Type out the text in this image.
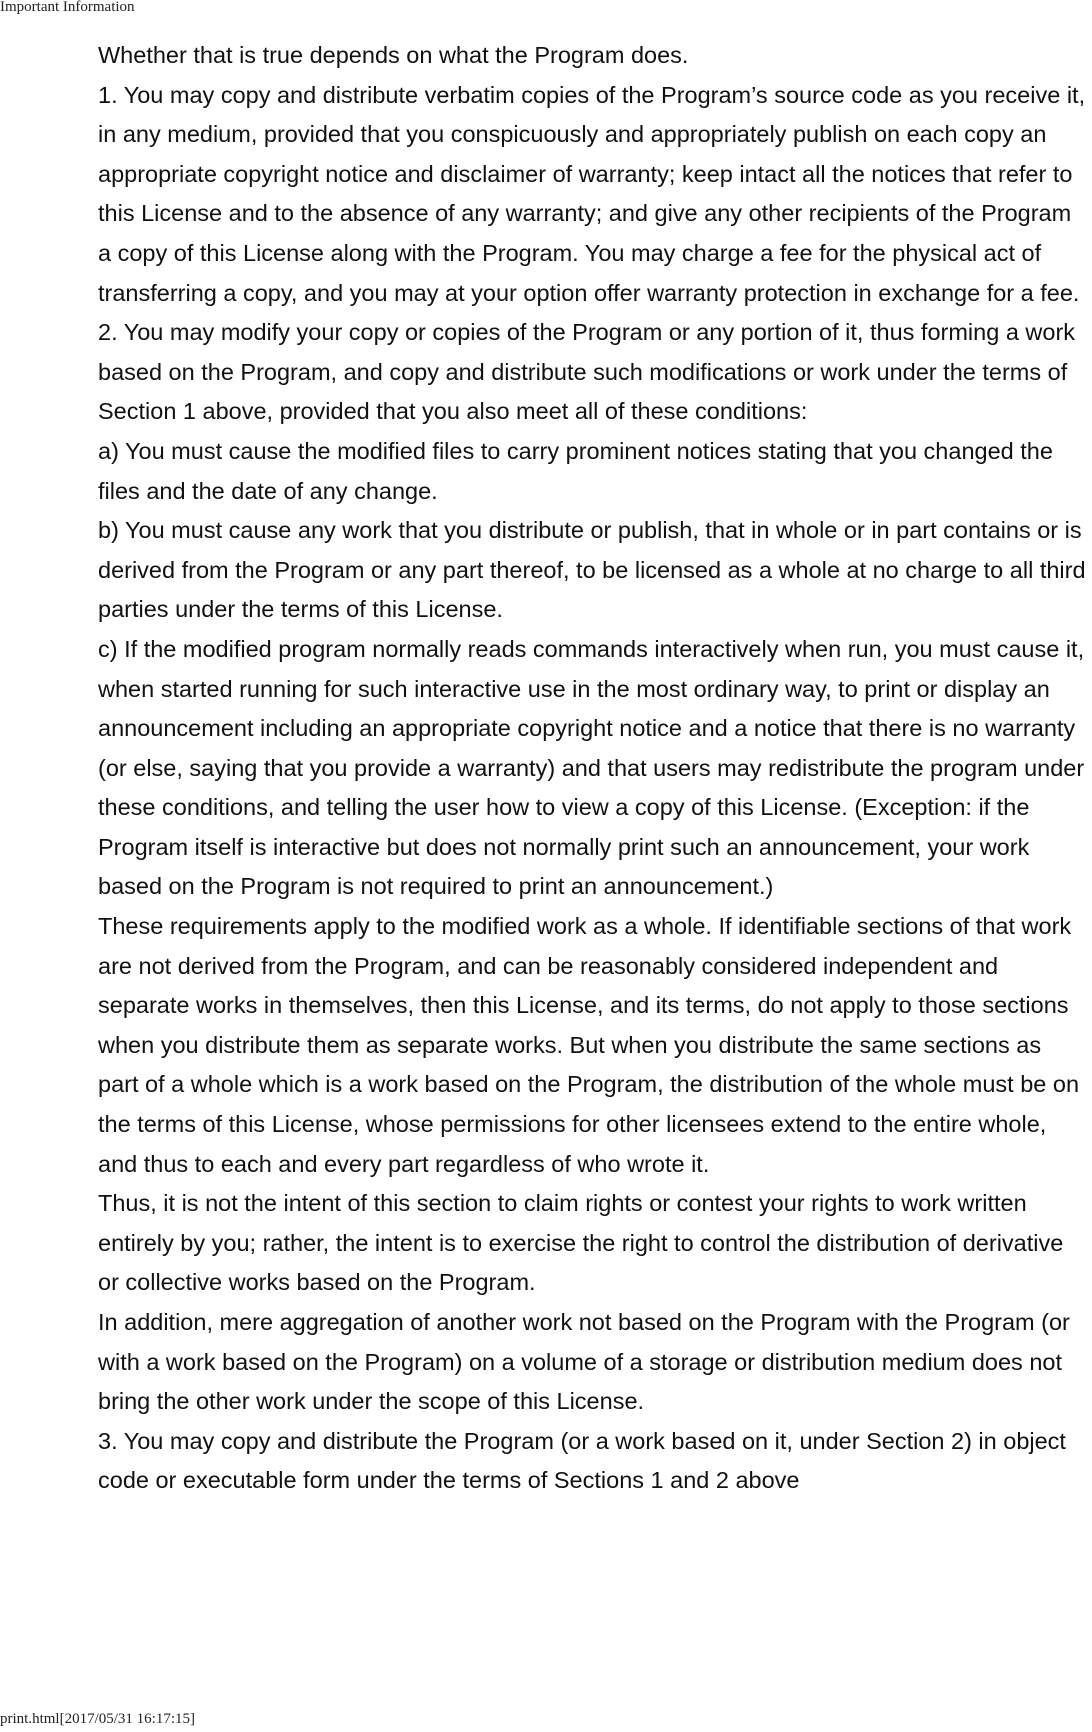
Important Information

Whether that is true depends on what the Program does.

1. You may copy and distribute verbatim copies of the Program’s source code as you receive it, in any medium, provided that you conspicuously and appropriately publish on each copy an appropriate copyright notice and disclaimer of warranty; keep intact all the notices that refer to this License and to the absence of any warranty; and give any other recipients of the Program a copy of this License along with the Program. You may charge a fee for the physical act of transferring a copy, and you may at your option offer warranty protection in exchange for a fee.

2. You may modify your copy or copies of the Program or any portion of it, thus forming a work based on the Program, and copy and distribute such modifications or work under the terms of Section 1 above, provided that you also meet all of these conditions:

a) You must cause the modified files to carry prominent notices stating that you changed the files and the date of any change.

b) You must cause any work that you distribute or publish, that in whole or in part contains or is derived from the Program or any part thereof, to be licensed as a whole at no charge to all third parties under the terms of this License.

c) If the modified program normally reads commands interactively when run, you must cause it, when started running for such interactive use in the most ordinary way, to print or display an announcement including an appropriate copyright notice and a notice that there is no warranty (or else, saying that you provide a warranty) and that users may redistribute the program under these conditions, and telling the user how to view a copy of this License. (Exception: if the Program itself is interactive but does not normally print such an announcement, your work based on the Program is not required to print an announcement.)

These requirements apply to the modified work as a whole. If identifiable sections of that work are not derived from the Program, and can be reasonably considered independent and separate works in themselves, then this License, and its terms, do not apply to those sections when you distribute them as separate works. But when you distribute the same sections as part of a whole which is a work based on the Program, the distribution of the whole must be on the terms of this License, whose permissions for other licensees extend to the entire whole, and thus to each and every part regardless of who wrote it.

Thus, it is not the intent of this section to claim rights or contest your rights to work written entirely by you; rather, the intent is to exercise the right to control the distribution of derivative or collective works based on the Program.

In addition, mere aggregation of another work not based on the Program with the Program (or with a work based on the Program) on a volume of a storage or distribution medium does not bring the other work under the scope of this License.

3. You may copy and distribute the Program (or a work based on it, under Section 2) in object code or executable form under the terms of Sections 1 and 2 above

print.html[2017/05/31 16:17:15]
